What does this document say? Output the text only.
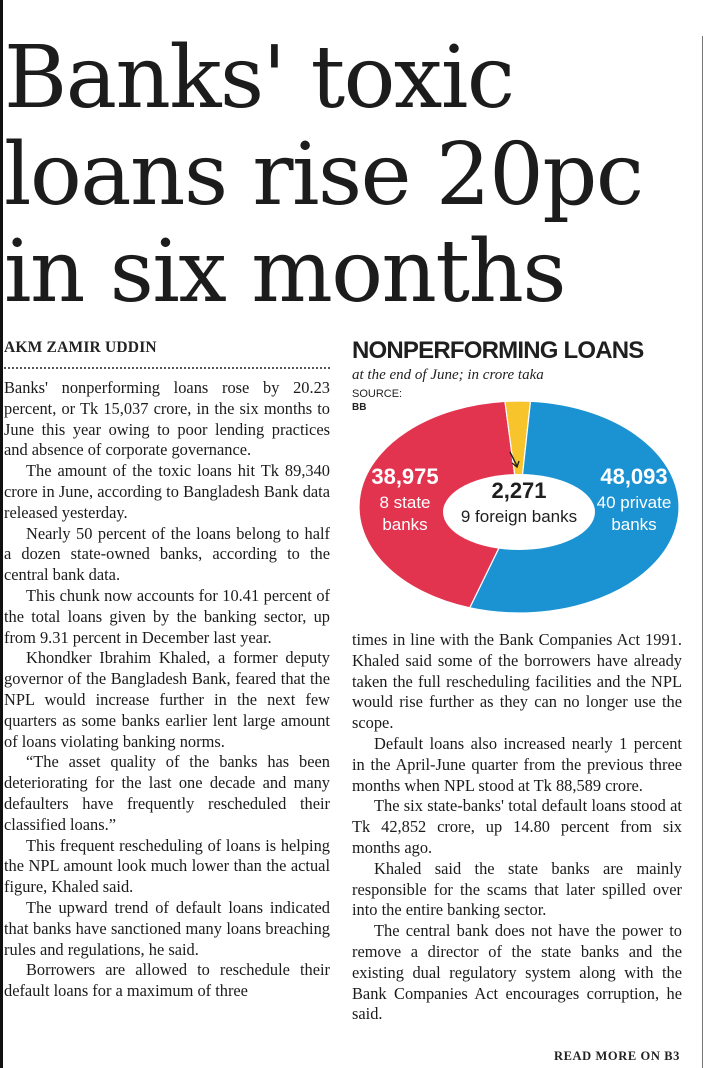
Banks' toxic
loans rise 20pc
in six months
AKM ZAMIR UDDIN

Banks' nonperforming loans rose by 20.23 percent, or Tk 15,037 crore, in the six months to June this year owing to poor lending practices and absence of corporate governance.

The amount of the toxic loans hit Tk 89,340 crore in June, according to Bangladesh Bank data released yesterday.

Nearly 50 percent of the loans belong to half a dozen state-owned banks, according to the central bank data.

This chunk now accounts for 10.41 percent of the total loans given by the banking sector, up from 9.31 percent in December last year.

Khondker Ibrahim Khaled, a former deputy governor of the Bangladesh Bank, feared that the NPL would increase further in the next few quarters as some banks earlier lent large amount of loans violating banking norms.

“The asset quality of the banks has been deteriorating for the last one decade and many defaulters have frequently rescheduled their classified loans.”

This frequent rescheduling of loans is helping the NPL amount look much lower than the actual figure, Khaled said.

The upward trend of default loans indicated that banks have sanctioned many loans breaching rules and regulations, he said.

Borrowers are allowed to reschedule their default loans for a maximum of three

times in line with the Bank Companies Act 1991. Khaled said some of the borrowers have already taken the full rescheduling facilities and the NPL would rise further as they can no longer use the scope.

Default loans also increased nearly 1 percent in the April-June quarter from the previous three months when NPL stood at Tk 88,589 crore.

The six state-banks' total default loans stood at Tk 42,852 crore, up 14.80 percent from six months ago.

Khaled said the state banks are mainly responsible for the scams that later spilled over into the entire banking sector.

The central bank does not have the power to remove a director of the state banks and the existing dual regulatory system along with the Bank Companies Act encourages corruption, he said.

READ MORE ON B3
NONPERFORMING LOANS
at the end of June; in crore taka
SOURCE:
BB
38,975
8 state
banks
48,093
40 private
banks
2,271
9 foreign banks
